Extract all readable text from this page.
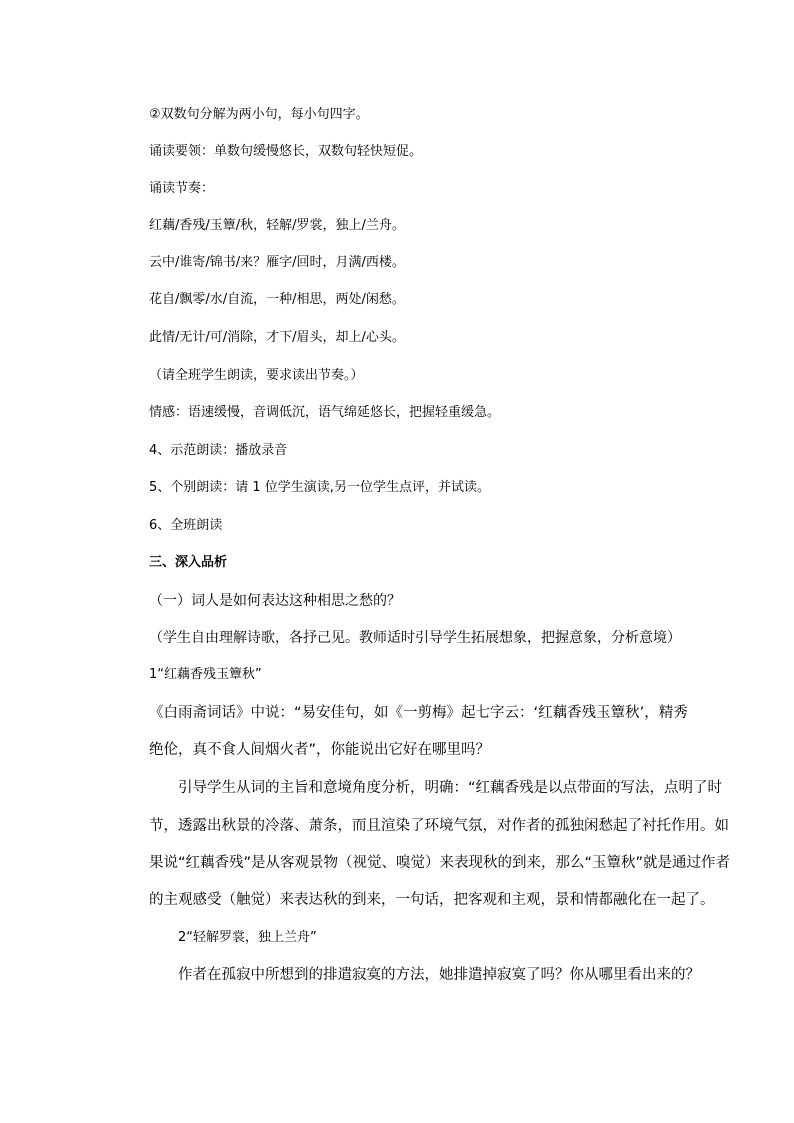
②双数句分解为两小句，每小句四字。
诵读要领：单数句缓慢悠长，双数句轻快短促。
诵读节奏：
红藕/香残/玉簟/秋，轻解/罗裳，独上/兰舟。
云中/谁寄/锦书/来？雁字/回时，月满/西楼。
花自/飘零/水/自流，一种/相思，两处/闲愁。
此情/无计/可/消除，才下/眉头，却上/心头。
（请全班学生朗读，要求读出节奏。）
情感：语速缓慢，音调低沉，语气绵延悠长，把握轻重缓急。
4、示范朗读：播放录音
5、个别朗读：请 1 位学生演读,另一位学生点评，并试读。
6、全班朗读
三、深入品析
（一）词人是如何表达这种相思之愁的？
（学生自由理解诗歌，各抒己见。教师适时引导学生拓展想象，把握意象，分析意境）
1“红藕香残玉簟秋”
《白雨斋词话》中说：“易安佳句，如《一剪梅》起七字云：‘红藕香残玉簟秋’，精秀
绝伦，真不食人间烟火者”，你能说出它好在哪里吗？
引导学生从词的主旨和意境角度分析，明确：“红藕香残是以点带面的写法，点明了时
节，透露出秋景的冷落、萧条，而且渲染了环境气氛，对作者的孤独闲愁起了衬托作用。如
果说“红藕香残”是从客观景物（视觉、嗅觉）来表现秋的到来，那么“玉簟秋”就是通过作者
的主观感受（触觉）来表达秋的到来，一句话，把客观和主观，景和情都融化在一起了。
2“轻解罗裳，独上兰舟”
作者在孤寂中所想到的排遣寂寞的方法，她排遣掉寂寞了吗？你从哪里看出来的？
